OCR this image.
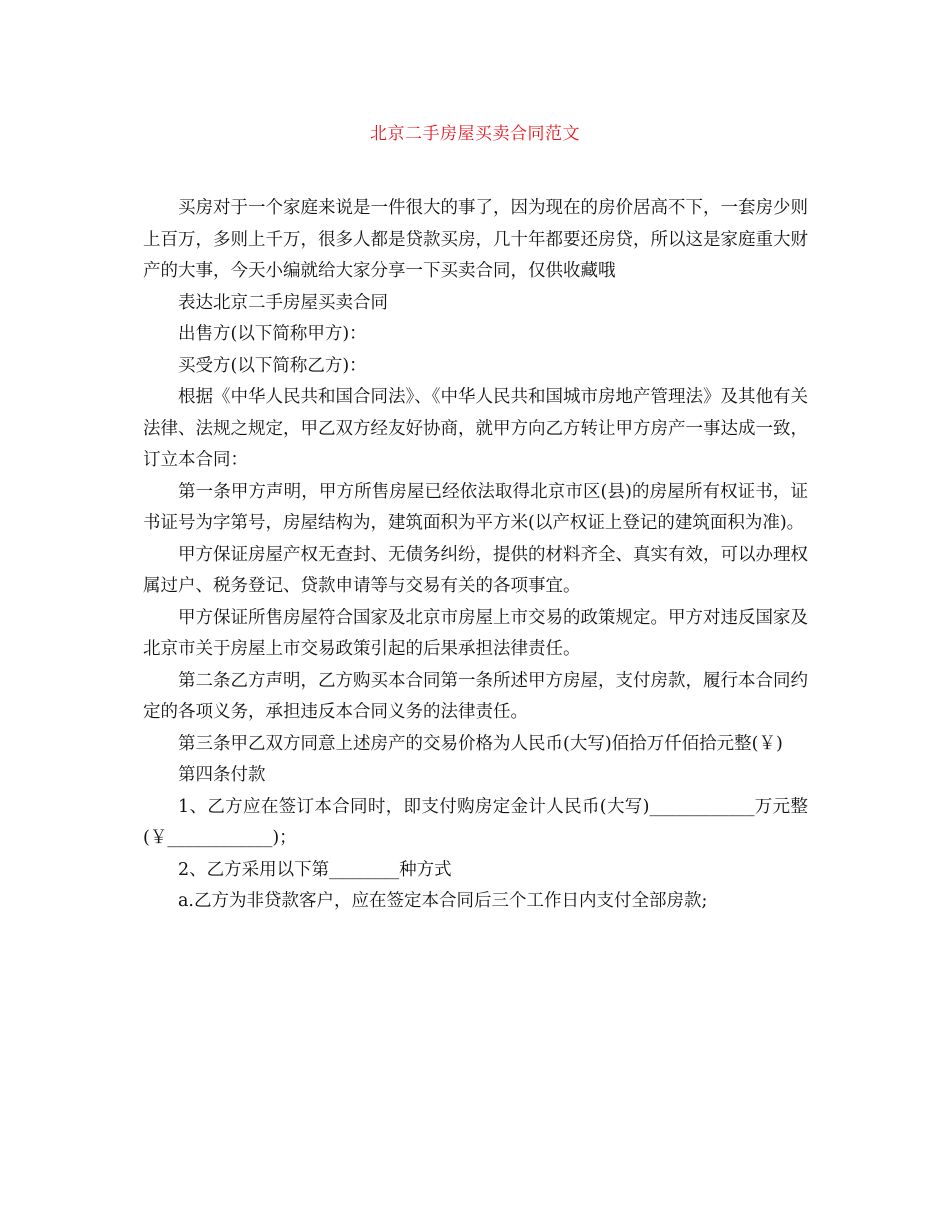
北京二手房屋买卖合同范文

买房对于一个家庭来说是一件很大的事了，因为现在的房价居高不下，一套房少则上百万，多则上千万，很多人都是贷款买房，几十年都要还房贷，所以这是家庭重大财产的大事，今天小编就给大家分享一下买卖合同，仅供收藏哦

表达北京二手房屋买卖合同

出售方(以下简称甲方)：

买受方(以下简称乙方)：

根据《中华人民共和国合同法》、《中华人民共和国城市房地产管理法》及其他有关法律、法规之规定，甲乙双方经友好协商，就甲方向乙方转让甲方房产一事达成一致，订立本合同：

第一条甲方声明，甲方所售房屋已经依法取得北京市区(县)的房屋所有权证书，证书证号为字第号，房屋结构为，建筑面积为平方米(以产权证上登记的建筑面积为准)。

甲方保证房屋产权无查封、无债务纠纷，提供的材料齐全、真实有效，可以办理权属过户、税务登记、贷款申请等与交易有关的各项事宜。

甲方保证所售房屋符合国家及北京市房屋上市交易的政策规定。甲方对违反国家及北京市关于房屋上市交易政策引起的后果承担法律责任。

第二条乙方声明，乙方购买本合同第一条所述甲方房屋，支付房款，履行本合同约定的各项义务，承担违反本合同义务的法律责任。

第三条甲乙双方同意上述房产的交易价格为人民币(大写)佰拾万仟佰拾元整(￥)

第四条付款

1、乙方应在签订本合同时，即支付购房定金计人民币(大写)____________万元整(￥____________)；

2、乙方采用以下第________种方式

a.乙方为非贷款客户，应在签定本合同后三个工作日内支付全部房款;
